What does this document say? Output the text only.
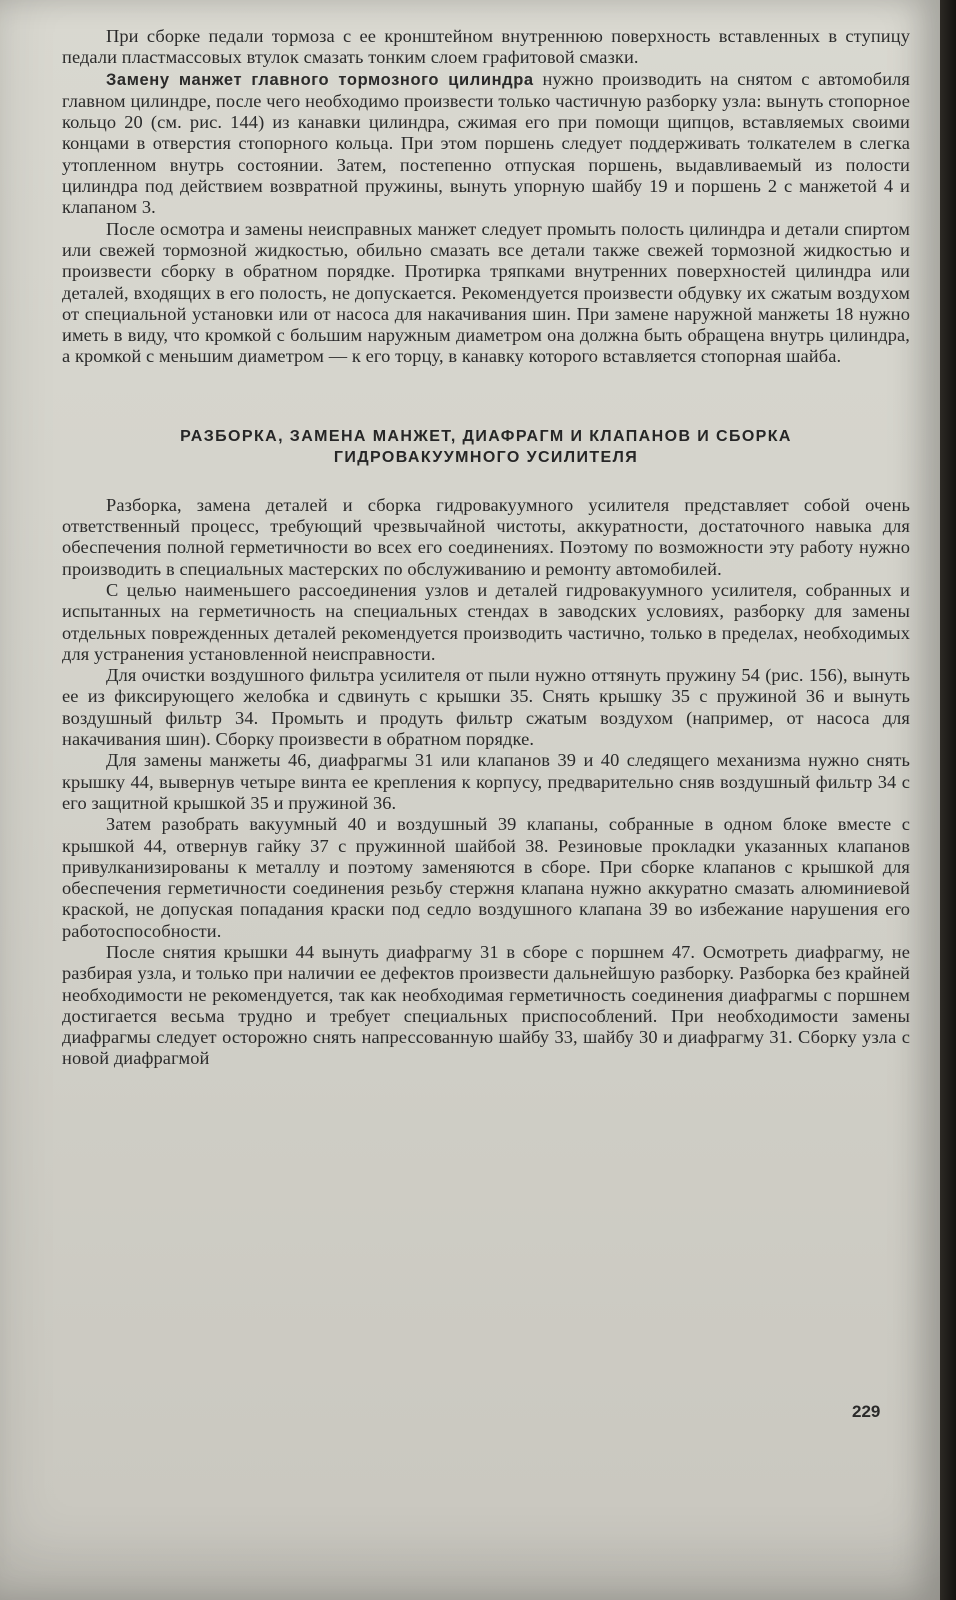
При сборке педали тормоза с ее кронштейном внутреннюю поверхность вставленных в ступицу педали пластмассовых втулок смазать тонким слоем графитовой смазки.

Замену манжет главного тормозного цилиндра нужно производить на снятом с автомобиля главном цилиндре, после чего необходимо произвести только частичную разборку узла: вынуть стопорное кольцо 20 (см. рис. 144) из канавки цилиндра, сжимая его при помощи щипцов, вставляемых своими концами в отверстия стопорного кольца. При этом поршень следует поддерживать толкателем в слегка утопленном внутрь состоянии. Затем, постепенно отпуская поршень, выдавливаемый из полости цилиндра под действием возвратной пружины, вынуть упорную шайбу 19 и поршень 2 с манжетой 4 и клапаном 3.

После осмотра и замены неисправных манжет следует промыть полость цилиндра и детали спиртом или свежей тормозной жидкостью, обильно смазать все детали также свежей тормозной жидкостью и произвести сборку в обратном порядке. Протирка тряпками внутренних поверхностей цилиндра или деталей, входящих в его полость, не допускается. Рекомендуется произвести обдувку их сжатым воздухом от специальной установки или от насоса для накачивания шин. При замене наружной манжеты 18 нужно иметь в виду, что кромкой с большим наружным диаметром она должна быть обращена внутрь цилиндра, а кромкой с меньшим диаметром — к его торцу, в канавку которого вставляется стопорная шайба.

РАЗБОРКА, ЗАМЕНА МАНЖЕТ, ДИАФРАГМ И КЛАПАНОВ И СБОРКА
ГИДРОВАКУУМНОГО УСИЛИТЕЛЯ

Разборка, замена деталей и сборка гидровакуумного усилителя представляет собой очень ответственный процесс, требующий чрезвычайной чистоты, аккуратности, достаточного навыка для обеспечения полной герметичности во всех его соединениях. Поэтому по возможности эту работу нужно производить в специальных мастерских по обслуживанию и ремонту автомобилей.

С целью наименьшего рассоединения узлов и деталей гидровакуумного усилителя, собранных и испытанных на герметичность на специальных стендах в заводских условиях, разборку для замены отдельных поврежденных деталей рекомендуется производить частично, только в пределах, необходимых для устранения установленной неисправности.

Для очистки воздушного фильтра усилителя от пыли нужно оттянуть пружину 54 (рис. 156), вынуть ее из фиксирующего желобка и сдвинуть с крышки 35. Снять крышку 35 с пружиной 36 и вынуть воздушный фильтр 34. Промыть и продуть фильтр сжатым воздухом (например, от насоса для накачивания шин). Сборку произвести в обратном порядке.

Для замены манжеты 46, диафрагмы 31 или клапанов 39 и 40 следящего механизма нужно снять крышку 44, вывернув четыре винта ее крепления к корпусу, предварительно сняв воздушный фильтр 34 с его защитной крышкой 35 и пружиной 36.

Затем разобрать вакуумный 40 и воздушный 39 клапаны, собранные в одном блоке вместе с крышкой 44, отвернув гайку 37 с пружинной шайбой 38. Резиновые прокладки указанных клапанов привулканизированы к металлу и поэтому заменяются в сборе. При сборке клапанов с крышкой для обеспечения герметичности соединения резьбу стержня клапана нужно аккуратно смазать алюминиевой краской, не допуская попадания краски под седло воздушного клапана 39 во избежание нарушения его работоспособности.

После снятия крышки 44 вынуть диафрагму 31 в сборе с поршнем 47. Осмотреть диафрагму, не разбирая узла, и только при наличии ее дефектов произвести дальнейшую разборку. Разборка без крайней необходимости не рекомендуется, так как необходимая герметичность соединения диафрагмы с поршнем достигается весьма трудно и требует специальных приспособлений. При необходимости замены диафрагмы следует осторожно снять напрессованную шайбу 33, шайбу 30 и диафрагму 31. Сборку узла с новой диафрагмой

229
